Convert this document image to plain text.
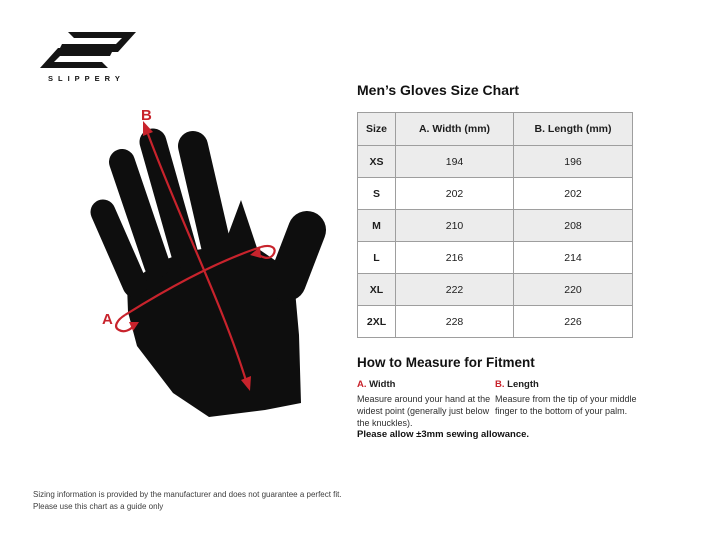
SLIPPERY
B
A
Men’s Gloves Size Chart
Size	A. Width (mm)	B. Length (mm)
XS	194	196
S	202	202
M	210	208
L	216	214
XL	222	220
2XL	228	226
How to Measure for Fitment
A. Width
Measure around your hand at the widest point (generally just below the knuckles).
B. Length
Measure from the tip of your middle finger to the bottom of your palm.
Please allow ±3mm sewing allowance.
Sizing information is provided by the manufacturer and does not guarantee a perfect fit.
Please use this chart as a guide only
